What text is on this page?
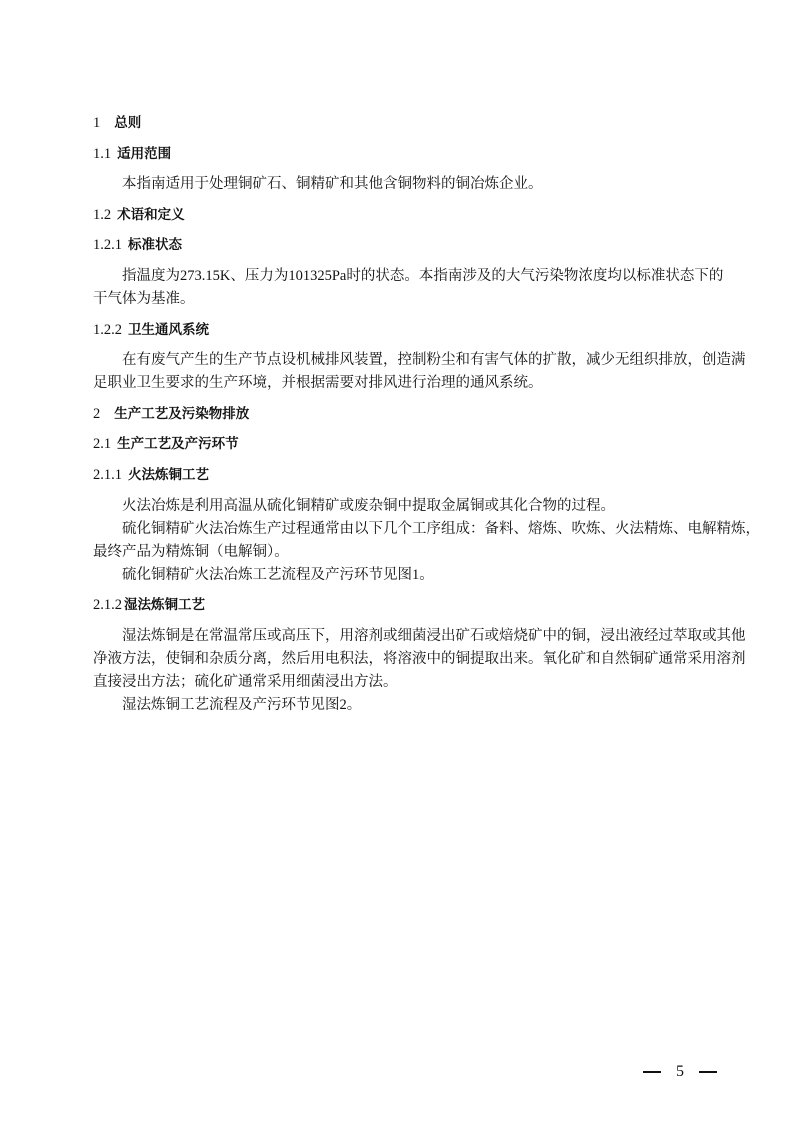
1 总则
1.1 适用范围
本指南适用于处理铜矿石、铜精矿和其他含铜物料的铜冶炼企业。
1.2 术语和定义
1.2.1 标准状态
指温度为273.15K、压力为101325Pa时的状态。本指南涉及的大气污染物浓度均以标准状态下的
干气体为基准。
1.2.2 卫生通风系统
在有废气产生的生产节点设机械排风装置，控制粉尘和有害气体的扩散，减少无组织排放，创造满
足职业卫生要求的生产环境，并根据需要对排风进行治理的通风系统。
2 生产工艺及污染物排放
2.1 生产工艺及产污环节
2.1.1 火法炼铜工艺
火法冶炼是利用高温从硫化铜精矿或废杂铜中提取金属铜或其化合物的过程。
硫化铜精矿火法冶炼生产过程通常由以下几个工序组成：备料、熔炼、吹炼、火法精炼、电解精炼，
最终产品为精炼铜（电解铜）。
硫化铜精矿火法冶炼工艺流程及产污环节见图1。
2.1.2 湿法炼铜工艺
湿法炼铜是在常温常压或高压下，用溶剂或细菌浸出矿石或焙烧矿中的铜，浸出液经过萃取或其他
净液方法，使铜和杂质分离，然后用电积法，将溶液中的铜提取出来。氧化矿和自然铜矿通常采用溶剂
直接浸出方法；硫化矿通常采用细菌浸出方法。
湿法炼铜工艺流程及产污环节见图2。
5
